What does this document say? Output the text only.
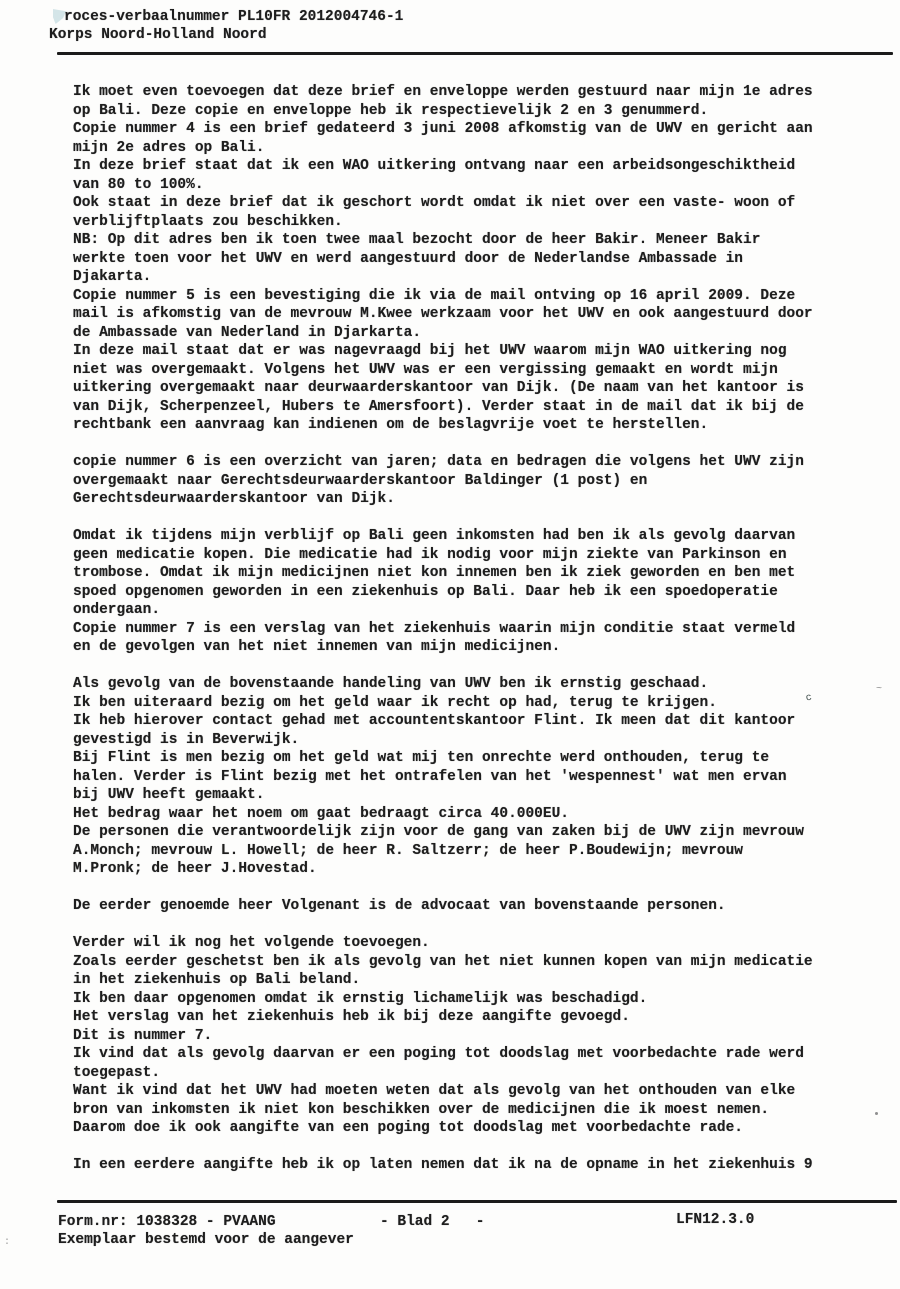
roces-verbaalnummer PL10FR 2012004746-1
Korps Noord-Holland Noord
Ik moet even toevoegen dat deze brief en enveloppe werden gestuurd naar mijn 1e adres
op Bali. Deze copie en enveloppe heb ik respectievelijk 2 en 3 genummerd.
Copie nummer 4 is een brief gedateerd 3 juni 2008 afkomstig van de UWV en gericht aan
mijn 2e adres op Bali.
In deze brief staat dat ik een WAO uitkering ontvang naar een arbeidsongeschiktheid
van 80 to 100%.
Ook staat in deze brief dat ik geschort wordt omdat ik niet over een vaste- woon of
verblijftplaats zou beschikken.
NB: Op dit adres ben ik toen twee maal bezocht door de heer Bakir. Meneer Bakir
werkte toen voor het UWV en werd aangestuurd door de Nederlandse Ambassade in
Djakarta.
Copie nummer 5 is een bevestiging die ik via de mail ontving op 16 april 2009. Deze
mail is afkomstig van de mevrouw M.Kwee werkzaam voor het UWV en ook aangestuurd door
de Ambassade van Nederland in Djarkarta.
In deze mail staat dat er was nagevraagd bij het UWV waarom mijn WAO uitkering nog
niet was overgemaakt. Volgens het UWV was er een vergissing gemaakt en wordt mijn
uitkering overgemaakt naar deurwaarderskantoor van Dijk. (De naam van het kantoor is
van Dijk, Scherpenzeel, Hubers te Amersfoort). Verder staat in de mail dat ik bij de
rechtbank een aanvraag kan indienen om de beslagvrije voet te herstellen.
copie nummer 6 is een overzicht van jaren; data en bedragen die volgens het UWV zijn
overgemaakt naar Gerechtsdeurwaarderskantoor Baldinger (1 post) en
Gerechtsdeurwaarderskantoor van Dijk.
Omdat ik tijdens mijn verblijf op Bali geen inkomsten had ben ik als gevolg daarvan
geen medicatie kopen. Die medicatie had ik nodig voor mijn ziekte van Parkinson en
trombose. Omdat ik mijn medicijnen niet kon innemen ben ik ziek geworden en ben met
spoed opgenomen geworden in een ziekenhuis op Bali. Daar heb ik een spoedoperatie
ondergaan.
Copie nummer 7 is een verslag van het ziekenhuis waarin mijn conditie staat vermeld
en de gevolgen van het niet innemen van mijn medicijnen.
Als gevolg van de bovenstaande handeling van UWV ben ik ernstig geschaad.
Ik ben uiteraard bezig om het geld waar ik recht op had, terug te krijgen.
Ik heb hierover contact gehad met accountentskantoor Flint. Ik meen dat dit kantoor
gevestigd is in Beverwijk.
Bij Flint is men bezig om het geld wat mij ten onrechte werd onthouden, terug te
halen. Verder is Flint bezig met het ontrafelen van het 'wespennest' wat men ervan
bij UWV heeft gemaakt.
Het bedrag waar het noem om gaat bedraagt circa 40.000EU.
De personen die verantwoordelijk zijn voor de gang van zaken bij de UWV zijn mevrouw
A.Monch; mevrouw L. Howell; de heer R. Saltzerr; de heer P.Boudewijn; mevrouw
M.Pronk; de heer J.Hovestad.
De eerder genoemde heer Volgenant is de advocaat van bovenstaande personen.
Verder wil ik nog het volgende toevoegen.
Zoals eerder geschetst ben ik als gevolg van het niet kunnen kopen van mijn medicatie
in het ziekenhuis op Bali beland.
Ik ben daar opgenomen omdat ik ernstig lichamelijk was beschadigd.
Het verslag van het ziekenhuis heb ik bij deze aangifte gevoegd.
Dit is nummer 7.
Ik vind dat als gevolg daarvan er een poging tot doodslag met voorbedachte rade werd
toegepast.
Want ik vind dat het UWV had moeten weten dat als gevolg van het onthouden van elke
bron van inkomsten ik niet kon beschikken over de medicijnen die ik moest nemen.
Daarom doe ik ook aangifte van een poging tot doodslag met voorbedachte rade.
In een eerdere aangifte heb ik op laten nemen dat ik na de opname in het ziekenhuis 9
c
~
Form.nr: 1038328 - PVAANG	- Blad 2   -	LFN12.3.0
Exemplaar bestemd voor de aangever
:
